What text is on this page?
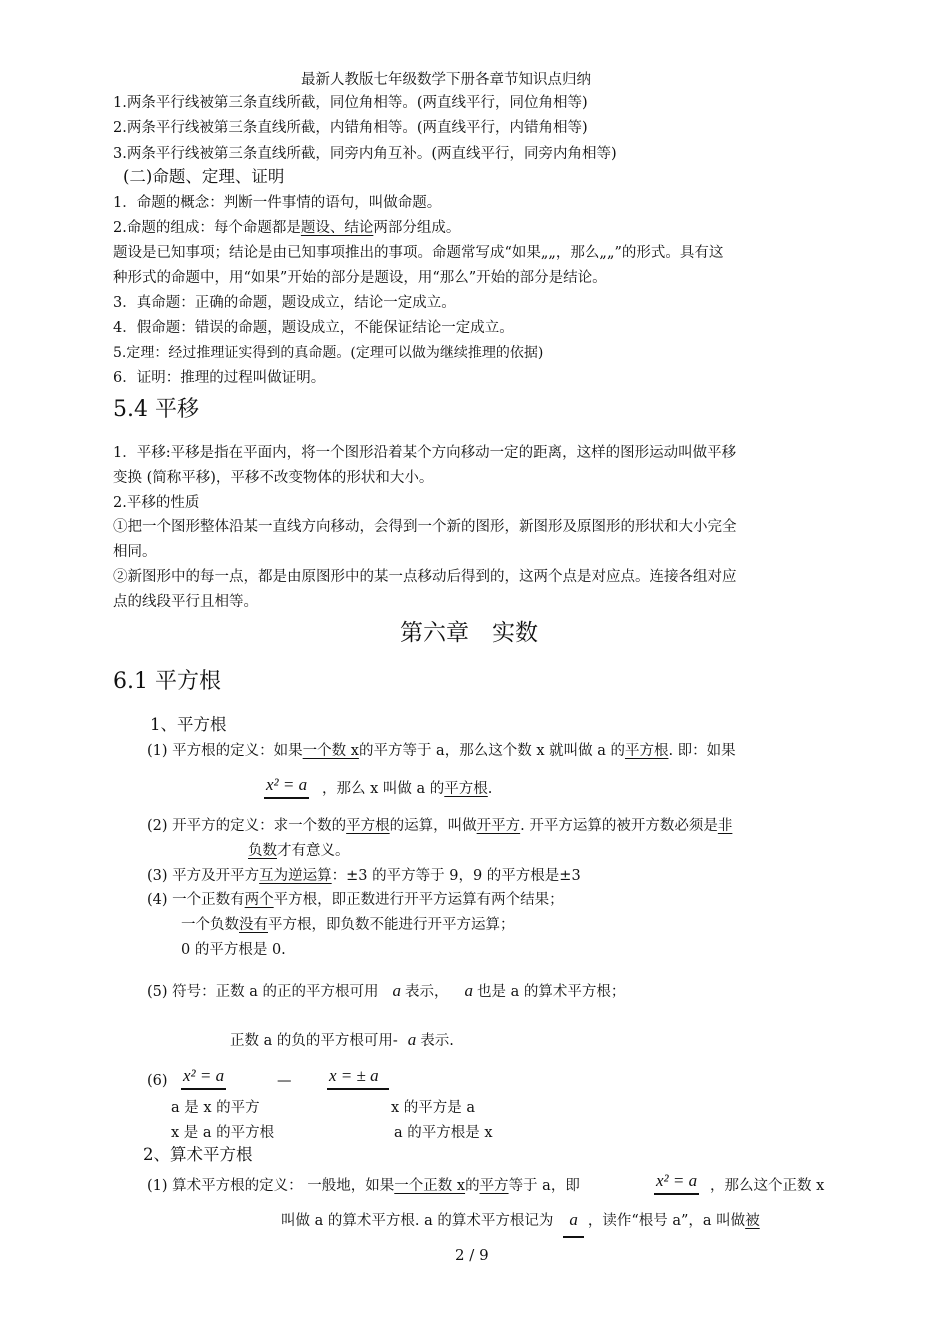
最新人教版七年级数学下册各章节知识点归纳
1.两条平行线被第三条直线所截，同位角相等。(两直线平行，同位角相等)
2.两条平行线被第三条直线所截，内错角相等。(两直线平行，内错角相等)
3.两条平行线被第三条直线所截，同旁内角互补。(两直线平行，同旁内角相等)
(二)命题、定理、证明
1．命题的概念：判断一件事情的语句，叫做命题。
2.命题的组成：每个命题都是题设、结论两部分组成。
题设是已知事项；结论是由已知事项推出的事项。命题常写成“如果„„，那么„„”的形式。具有这
种形式的命题中，用“如果”开始的部分是题设，用“那么”开始的部分是结论。
3．真命题：正确的命题，题设成立，结论一定成立。
4．假命题：错误的命题，题设成立，不能保证结论一定成立。
5.定理：经过推理证实得到的真命题。(定理可以做为继续推理的依据)
6．证明：推理的过程叫做证明。
5.4 平移
1．平移:平移是指在平面内，将一个图形沿着某个方向移动一定的距离，这样的图形运动叫做平移
变换 (简称平移)，平移不改变物体的形状和大小。
2.平移的性质
①把一个图形整体沿某一直线方向移动，会得到一个新的图形，新图形及原图形的形状和大小完全
相同。
②新图形中的每一点，都是由原图形中的某一点移动后得到的，这两个点是对应点。连接各组对应
点的线段平行且相等。
第六章　实数
6.1 平方根
1、平方根
(1) 平方根的定义：如果一个数 x的平方等于 a，那么这个数 x 就叫做 a 的平方根. 即：如果
x² = a ，那么 x 叫做 a 的平方根.
(2) 开平方的定义：求一个数的平方根的运算，叫做开平方. 开平方运算的被开方数必须是非
负数才有意义。
(3) 平方及开平方互为逆运算：±3 的平方等于 9，9 的平方根是±3
(4) 一个正数有两个平方根，即正数进行开平方运算有两个结果；
一个负数没有平方根，即负数不能进行开平方运算；
0 的平方根是 0.
(5) 符号：正数 a 的正的平方根可用 a 表示， a 也是 a 的算术平方根；
正数 a 的负的平方根可用- a 表示.
(6) x² = a	— x = ± a
a 是 x 的平方	x 的平方是 a
x 是 a 的平方根	a 的平方根是 x
2、算术平方根
(1) 算术平方根的定义： 一般地，如果一个正数 x的平方等于 a，即	x² = a ，那么这个正数 x
叫做 a 的算术平方根. a 的算术平方根记为 a ，读作“根号 a”，a 叫做被
2 / 9
